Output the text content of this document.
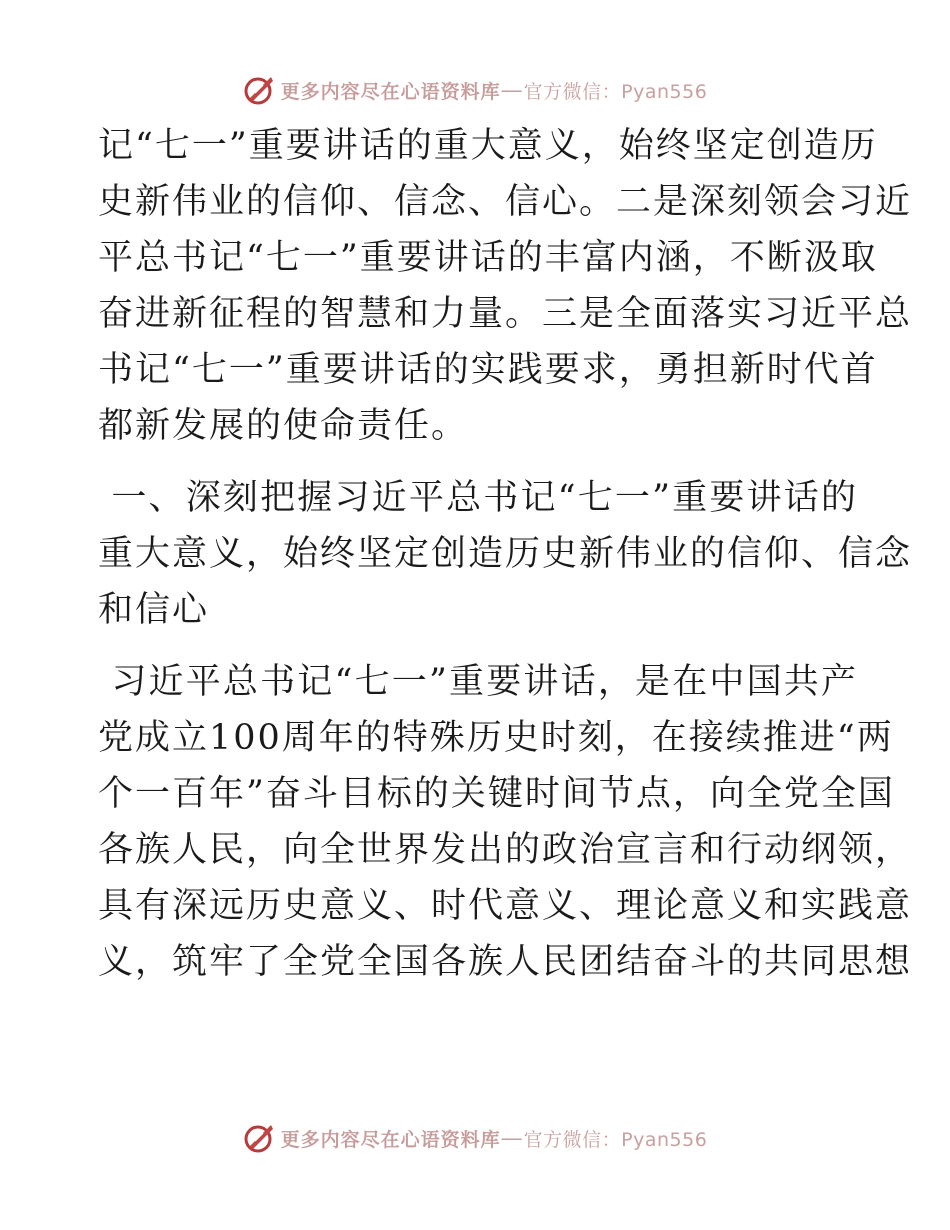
更多内容尽在心语资料库 — 官方微信：Pyan556
记“七一”重要讲话的重大意义，始终坚定创造历
史新伟业的信仰、信念、信心。二是深刻领会习近
平总书记“七一”重要讲话的丰富内涵，不断汲取
奋进新征程的智慧和力量。三是全面落实习近平总
书记“七一”重要讲话的实践要求，勇担新时代首
都新发展的使命责任。
一、深刻把握习近平总书记“七一”重要讲话的
重大意义，始终坚定创造历史新伟业的信仰、信念
和信心
习近平总书记“七一”重要讲话，是在中国共产
党成立100周年的特殊历史时刻，在接续推进“两
个一百年”奋斗目标的关键时间节点，向全党全国
各族人民，向全世界发出的政治宣言和行动纲领，
具有深远历史意义、时代意义、理论意义和实践意
义，筑牢了全党全国各族人民团结奋斗的共同思想
更多内容尽在心语资料库 — 官方微信：Pyan556
